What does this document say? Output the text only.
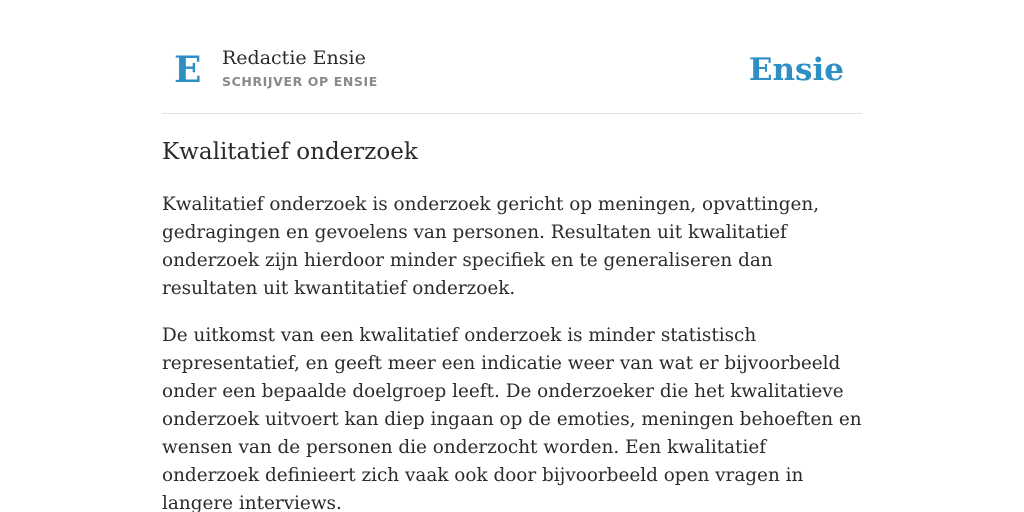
E Redactie Ensie
SCHRIJVER OP ENSIE	Ensie
Kwalitatief onderzoek

Kwalitatief onderzoek is onderzoek gericht op meningen, opvattingen, gedragingen en gevoelens van personen. Resultaten uit kwalitatief onderzoek zijn hierdoor minder specifiek en te generaliseren dan resultaten uit kwantitatief onderzoek.

De uitkomst van een kwalitatief onderzoek is minder statistisch representatief, en geeft meer een indicatie weer van wat er bijvoorbeeld onder een bepaalde doelgroep leeft. De onderzoeker die het kwalitatieve onderzoek uitvoert kan diep ingaan op de emoties, meningen behoeften en wensen van de personen die onderzocht worden. Een kwalitatief onderzoek definieert zich vaak ook door bijvoorbeeld open vragen in langere interviews.
